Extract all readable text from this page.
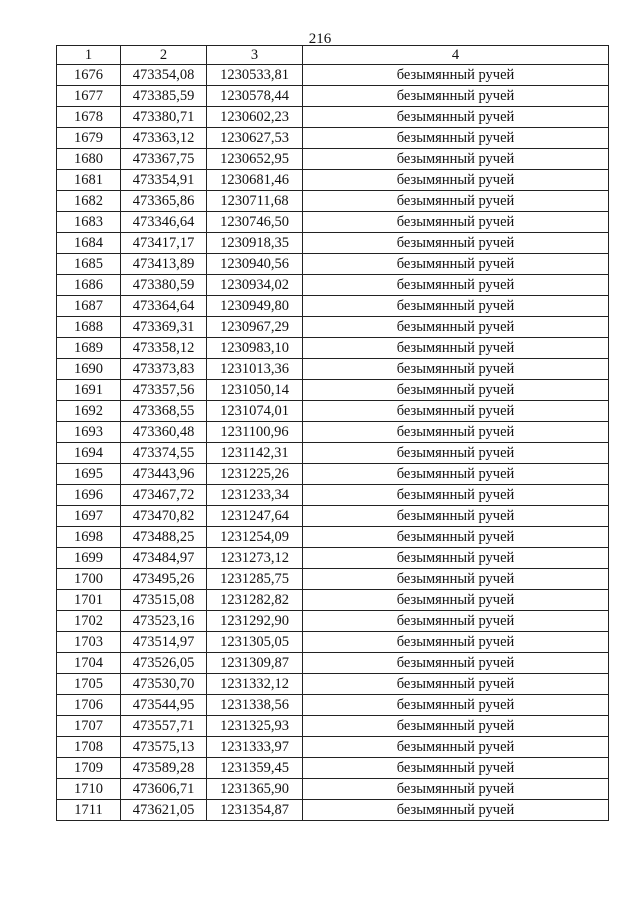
216
1	2	3	4
1676	473354,08	1230533,81	безымянный ручей
1677	473385,59	1230578,44	безымянный ручей
1678	473380,71	1230602,23	безымянный ручей
1679	473363,12	1230627,53	безымянный ручей
1680	473367,75	1230652,95	безымянный ручей
1681	473354,91	1230681,46	безымянный ручей
1682	473365,86	1230711,68	безымянный ручей
1683	473346,64	1230746,50	безымянный ручей
1684	473417,17	1230918,35	безымянный ручей
1685	473413,89	1230940,56	безымянный ручей
1686	473380,59	1230934,02	безымянный ручей
1687	473364,64	1230949,80	безымянный ручей
1688	473369,31	1230967,29	безымянный ручей
1689	473358,12	1230983,10	безымянный ручей
1690	473373,83	1231013,36	безымянный ручей
1691	473357,56	1231050,14	безымянный ручей
1692	473368,55	1231074,01	безымянный ручей
1693	473360,48	1231100,96	безымянный ручей
1694	473374,55	1231142,31	безымянный ручей
1695	473443,96	1231225,26	безымянный ручей
1696	473467,72	1231233,34	безымянный ручей
1697	473470,82	1231247,64	безымянный ручей
1698	473488,25	1231254,09	безымянный ручей
1699	473484,97	1231273,12	безымянный ручей
1700	473495,26	1231285,75	безымянный ручей
1701	473515,08	1231282,82	безымянный ручей
1702	473523,16	1231292,90	безымянный ручей
1703	473514,97	1231305,05	безымянный ручей
1704	473526,05	1231309,87	безымянный ручей
1705	473530,70	1231332,12	безымянный ручей
1706	473544,95	1231338,56	безымянный ручей
1707	473557,71	1231325,93	безымянный ручей
1708	473575,13	1231333,97	безымянный ручей
1709	473589,28	1231359,45	безымянный ручей
1710	473606,71	1231365,90	безымянный ручей
1711	473621,05	1231354,87	безымянный ручей
